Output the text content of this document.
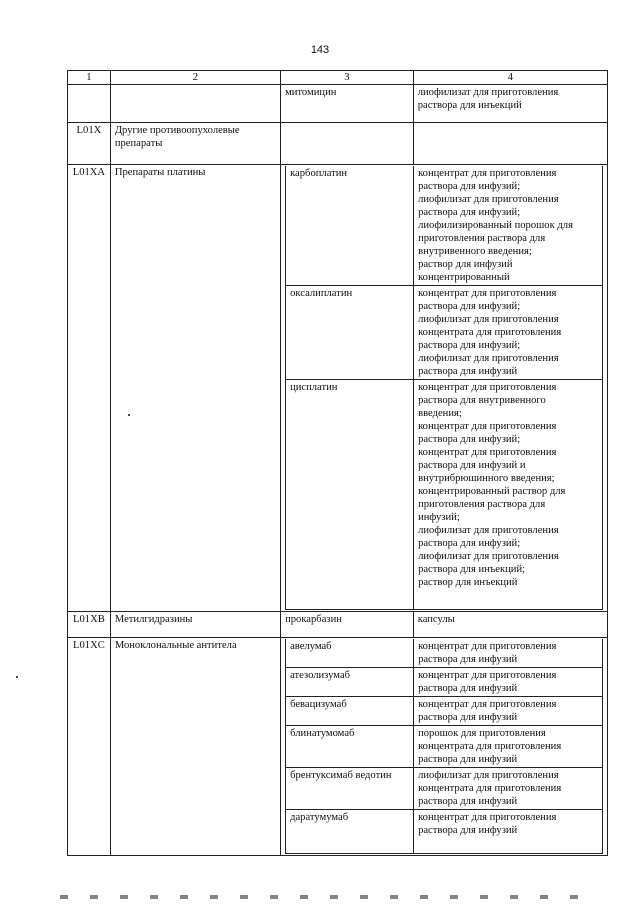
143
1	2	3	4
		митомицин	лиофилизат для приготовления
раствора для инъекций

L01X	Другие противоопухолевые
препараты

L01XA	Препараты платины		карбоплатин	концентрат для приготовления
раствора для инфузий;
лиофилизат для приготовления
раствора для инфузий;
лиофилизированный порошок для
приготовления раствора для
внутривенного введения;
раствор для инфузий
концентрированный

оксалиплатин	концентрат для приготовления
раствора для инфузий;
лиофилизат для приготовления
концентрата для приготовления
раствора для инфузий;
лиофилизат для приготовления
раствора для инфузий

цисплатин	концентрат для приготовления
раствора для внутривенного
введения;
концентрат для приготовления
раствора для инфузий;
концентрат для приготовления
раствора для инфузий и
внутрибрюшинного введения;
концентрированный раствор для
приготовления раствора для
инфузий;
лиофилизат для приготовления
раствора для инфузий;
лиофилизат для приготовления
раствора для инъекций;
раствор для инъекций

L01XB	Метилгидразины	прокарбазин	капсулы
L01XC	Моноклональные антитела		авелумаб	концентрат для приготовления
раствора для инфузий

атезолизумаб	концентрат для приготовления
раствора для инфузий

бевацизумаб	концентрат для приготовления
раствора для инфузий

блинатумомаб	порошок для приготовления
концентрата для приготовления
раствора для инфузий

брентуксимаб ведотин	лиофилизат для приготовления
концентрата для приготовления
раствора для инфузий

даратумумаб	концентрат для приготовления
раствора для инфузий
